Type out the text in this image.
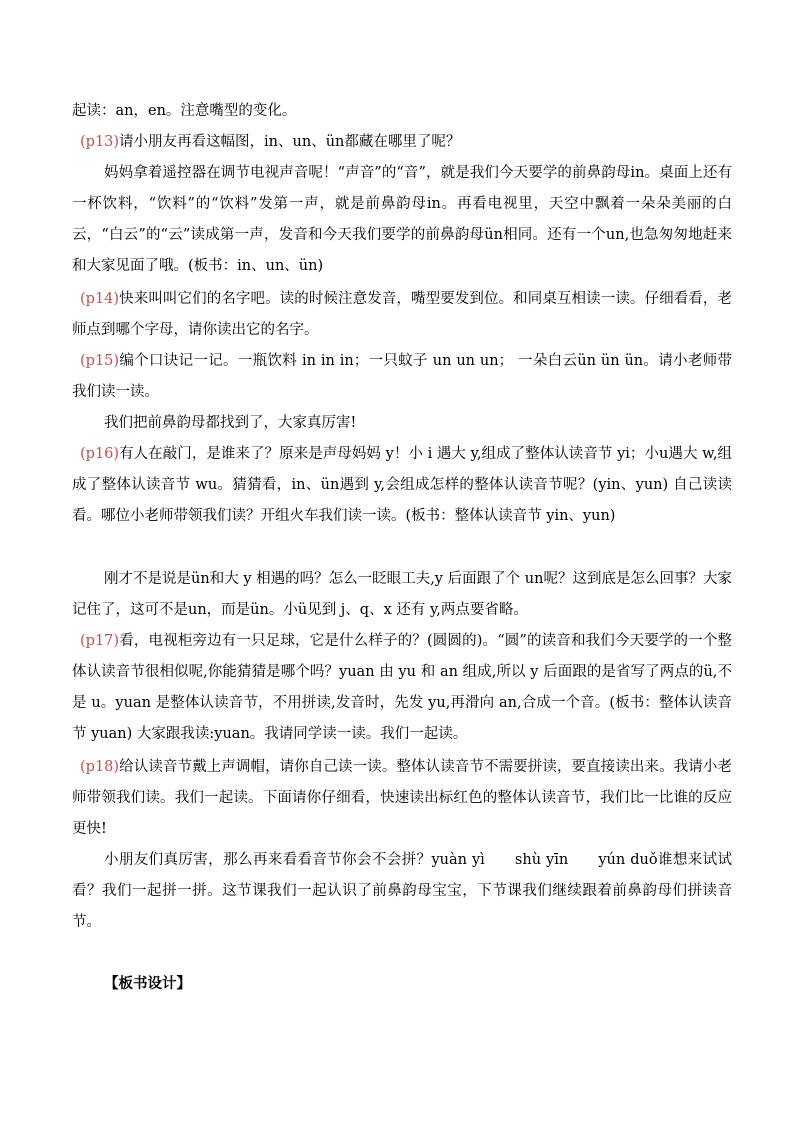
起读：an，en。注意嘴型的变化。

(p13)请小朋友再看这幅图，in、un、ün都藏在哪里了呢？

妈妈拿着遥控器在调节电视声音呢！“声音”的“音”，就是我们今天要学的前鼻韵母in。桌面上还有一杯饮料，“饮料”的“饮料”发第一声，就是前鼻韵母in。再看电视里，天空中飘着一朵朵美丽的白云，“白云”的“云”读成第一声，发音和今天我们要学的前鼻韵母ün相同。还有一个un,也急匆匆地赶来和大家见面了哦。(板书：in、un、ün)

(p14)快来叫叫它们的名字吧。读的时候注意发音，嘴型要发到位。和同桌互相读一读。仔细看看，老师点到哪个字母，请你读出它的名字。

(p15)编个口诀记一记。一瓶饮料 in in in；一只蚊子 un un un； 一朵白云ün ün ün。请小老师带我们读一读。

我们把前鼻韵母都找到了，大家真厉害!

(p16)有人在敲门，是谁来了？原来是声母妈妈 y！小 i 遇大 y,组成了整体认读音节 yi；小u遇大 w,组成了整体认读音节 wu。猜猜看，in、ün遇到 y,会组成怎样的整体认读音节呢？(yin、yun) 自己读读看。哪位小老师带领我们读？开组火车我们读一读。(板书：整体认读音节 yin、yun)

刚才不是说是ün和大 y 相遇的吗？怎么一眨眼工夫,y 后面跟了个 un呢？这到底是怎么回事？大家记住了，这可不是un，而是ün。小ü见到 j、q、x 还有 y,两点要省略。

(p17)看，电视柜旁边有一只足球，它是什么样子的？(圆圆的)。“圆”的读音和我们今天要学的一个整体认读音节很相似呢,你能猜猜是哪个吗？yuan 由 yu 和 an 组成,所以 y 后面跟的是省写了两点的ü,不是 u。yuan 是整体认读音节，不用拼读,发音时，先发 yu,再滑向 an,合成一个音。(板书：整体认读音节 yuan) 大家跟我读:yuan。我请同学读一读。我们一起读。

(p18)给认读音节戴上声调帽，请你自己读一读。整体认读音节不需要拼读，要直接读出来。我请小老师带领我们读。我们一起读。下面请你仔细看，快速读出标红色的整体认读音节，我们比一比谁的反应更快!

小朋友们真厉害，那么再来看看音节你会不会拼？yuàn yì　　shù yīn　　yún duǒ谁想来试试看？我们一起拼一拼。这节课我们一起认识了前鼻韵母宝宝，下节课我们继续跟着前鼻韵母们拼读音节。

【板书设计】
